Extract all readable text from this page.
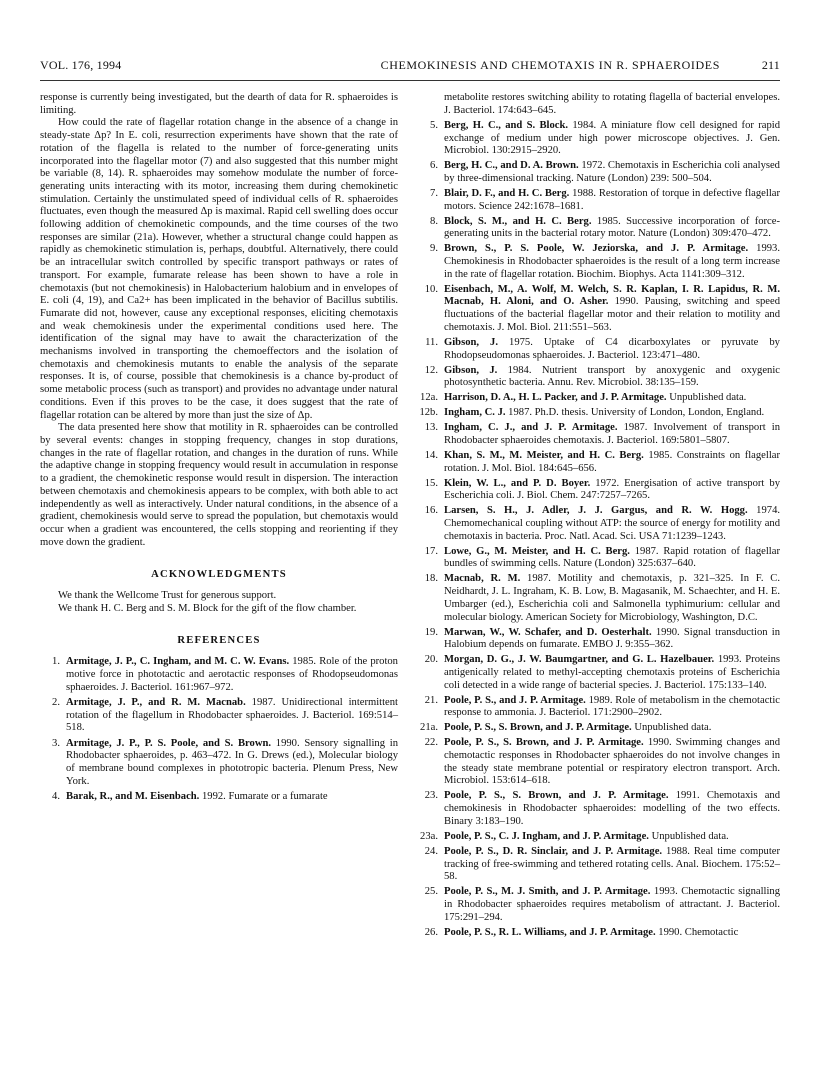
VOL. 176, 1994	CHEMOKINESIS AND CHEMOTAXIS IN R. SPHAEROIDES	211

response is currently being investigated, but the dearth of data for R. sphaeroides is limiting.

How could the rate of flagellar rotation change in the absence of a change in steady-state Δp? In E. coli, resurrection experiments have shown that the rate of rotation of the flagella is related to the number of force-generating units incorporated into the flagellar motor (7) and also suggested that this number might be variable (8, 14). R. sphaeroides may somehow modulate the number of force-generating units interacting with its motor, increasing them during chemokinetic stimulation. Certainly the unstimulated speed of individual cells of R. sphaeroides fluctuates, even though the measured Δp is maximal. Rapid cell swelling does occur following addition of chemokinetic compounds, and the time courses of the two responses are similar (21a). However, whether a structural change could happen as rapidly as chemokinetic stimulation is, perhaps, doubtful. Alternatively, there could be an intracellular switch controlled by specific transport pathways or rates of transport. For example, fumarate release has been shown to have a role in chemotaxis (but not chemokinesis) in Halobacterium halobium and in envelopes of E. coli (4, 19), and Ca2+ has been implicated in the behavior of Bacillus subtilis. Fumarate did not, however, cause any exceptional responses, eliciting chemotaxis and weak chemokinesis under the experimental conditions used here. The identification of the signal may have to await the characterization of the mechanisms involved in transporting the chemoeffectors and the isolation of chemotaxis and chemokinesis mutants to enable the analysis of the separate responses. It is, of course, possible that chemokinesis is a chance by-product of some metabolic process (such as transport) and provides no advantage under natural conditions. Even if this proves to be the case, it does suggest that the rate of flagellar rotation can be altered by more than just the size of Δp.

The data presented here show that motility in R. sphaeroides can be controlled by several events: changes in stopping frequency, changes in stop durations, changes in the rate of flagellar rotation, and changes in the duration of runs. While the adaptive change in stopping frequency would result in accumulation in response to a gradient, the chemokinetic response would result in dispersion. The interaction between chemotaxis and chemokinesis appears to be complex, with both able to act independently as well as interactively. Under natural conditions, in the absence of a gradient, chemokinesis would serve to spread the population, but chemotaxis would occur when a gradient was encountered, the cells stopping and reorienting if they move down the gradient.

ACKNOWLEDGMENTS

We thank the Wellcome Trust for generous support.

We thank H. C. Berg and S. M. Block for the gift of the flow chamber.

REFERENCES

1. Armitage, J. P., C. Ingham, and M. C. W. Evans. 1985. Role of the proton motive force in phototactic and aerotactic responses of Rhodopseudomonas sphaeroides. J. Bacteriol. 161:967–972.

2. Armitage, J. P., and R. M. Macnab. 1987. Unidirectional intermittent rotation of the flagellum in Rhodobacter sphaeroides. J. Bacteriol. 169:514–518.

3. Armitage, J. P., P. S. Poole, and S. Brown. 1990. Sensory signalling in Rhodobacter sphaeroides, p. 463–472. In G. Drews (ed.), Molecular biology of membrane bound complexes in phototropic bacteria. Plenum Press, New York.

4. Barak, R., and M. Eisenbach. 1992. Fumarate or a fumarate

metabolite restores switching ability to rotating flagella of bacterial envelopes. J. Bacteriol. 174:643–645.

5. Berg, H. C., and S. Block. 1984. A miniature flow cell designed for rapid exchange of medium under high power microscope objectives. J. Gen. Microbiol. 130:2915–2920.

6. Berg, H. C., and D. A. Brown. 1972. Chemotaxis in Escherichia coli analysed by three-dimensional tracking. Nature (London) 239: 500–504.

7. Blair, D. F., and H. C. Berg. 1988. Restoration of torque in defective flagellar motors. Science 242:1678–1681.

8. Block, S. M., and H. C. Berg. 1985. Successive incorporation of force-generating units in the bacterial rotary motor. Nature (London) 309:470–472.

9. Brown, S., P. S. Poole, W. Jeziorska, and J. P. Armitage. 1993. Chemokinesis in Rhodobacter sphaeroides is the result of a long term increase in the rate of flagellar rotation. Biochim. Biophys. Acta 1141:309–312.

10. Eisenbach, M., A. Wolf, M. Welch, S. R. Kaplan, I. R. Lapidus, R. M. Macnab, H. Aloni, and O. Asher. 1990. Pausing, switching and speed fluctuations of the bacterial flagellar motor and their relation to motility and chemotaxis. J. Mol. Biol. 211:551–563.

11. Gibson, J. 1975. Uptake of C4 dicarboxylates or pyruvate by Rhodopseudomonas sphaeroides. J. Bacteriol. 123:471–480.

12. Gibson, J. 1984. Nutrient transport by anoxygenic and oxygenic photosynthetic bacteria. Annu. Rev. Microbiol. 38:135–159.

12a. Harrison, D. A., H. L. Packer, and J. P. Armitage. Unpublished data.

12b. Ingham, C. J. 1987. Ph.D. thesis. University of London, London, England.

13. Ingham, C. J., and J. P. Armitage. 1987. Involvement of transport in Rhodobacter sphaeroides chemotaxis. J. Bacteriol. 169:5801–5807.

14. Khan, S. M., M. Meister, and H. C. Berg. 1985. Constraints on flagellar rotation. J. Mol. Biol. 184:645–656.

15. Klein, W. L., and P. D. Boyer. 1972. Energisation of active transport by Escherichia coli. J. Biol. Chem. 247:7257–7265.

16. Larsen, S. H., J. Adler, J. J. Gargus, and R. W. Hogg. 1974. Chemomechanical coupling without ATP: the source of energy for motility and chemotaxis in bacteria. Proc. Natl. Acad. Sci. USA 71:1239–1243.

17. Lowe, G., M. Meister, and H. C. Berg. 1987. Rapid rotation of flagellar bundles of swimming cells. Nature (London) 325:637–640.

18. Macnab, R. M. 1987. Motility and chemotaxis, p. 321–325. In F. C. Neidhardt, J. L. Ingraham, K. B. Low, B. Magasanik, M. Schaechter, and H. E. Umbarger (ed.), Escherichia coli and Salmonella typhimurium: cellular and molecular biology. American Society for Microbiology, Washington, D.C.

19. Marwan, W., W. Schafer, and D. Oesterhalt. 1990. Signal transduction in Halobium depends on fumarate. EMBO J. 9:355–362.

20. Morgan, D. G., J. W. Baumgartner, and G. L. Hazelbauer. 1993. Proteins antigenically related to methyl-accepting chemotaxis proteins of Escherichia coli detected in a wide range of bacterial species. J. Bacteriol. 175:133–140.

21. Poole, P. S., and J. P. Armitage. 1989. Role of metabolism in the chemotactic response to ammonia. J. Bacteriol. 171:2900–2902.

21a. Poole, P. S., S. Brown, and J. P. Armitage. Unpublished data.

22. Poole, P. S., S. Brown, and J. P. Armitage. 1990. Swimming changes and chemotactic responses in Rhodobacter sphaeroides do not involve changes in the steady state membrane potential or respiratory electron transport. Arch. Microbiol. 153:614–618.

23. Poole, P. S., S. Brown, and J. P. Armitage. 1991. Chemotaxis and chemokinesis in Rhodobacter sphaeroides: modelling of the two effects. Binary 3:183–190.

23a. Poole, P. S., C. J. Ingham, and J. P. Armitage. Unpublished data.

24. Poole, P. S., D. R. Sinclair, and J. P. Armitage. 1988. Real time computer tracking of free-swimming and tethered rotating cells. Anal. Biochem. 175:52–58.

25. Poole, P. S., M. J. Smith, and J. P. Armitage. 1993. Chemotactic signalling in Rhodobacter sphaeroides requires metabolism of attractant. J. Bacteriol. 175:291–294.

26. Poole, P. S., R. L. Williams, and J. P. Armitage. 1990. Chemotactic
